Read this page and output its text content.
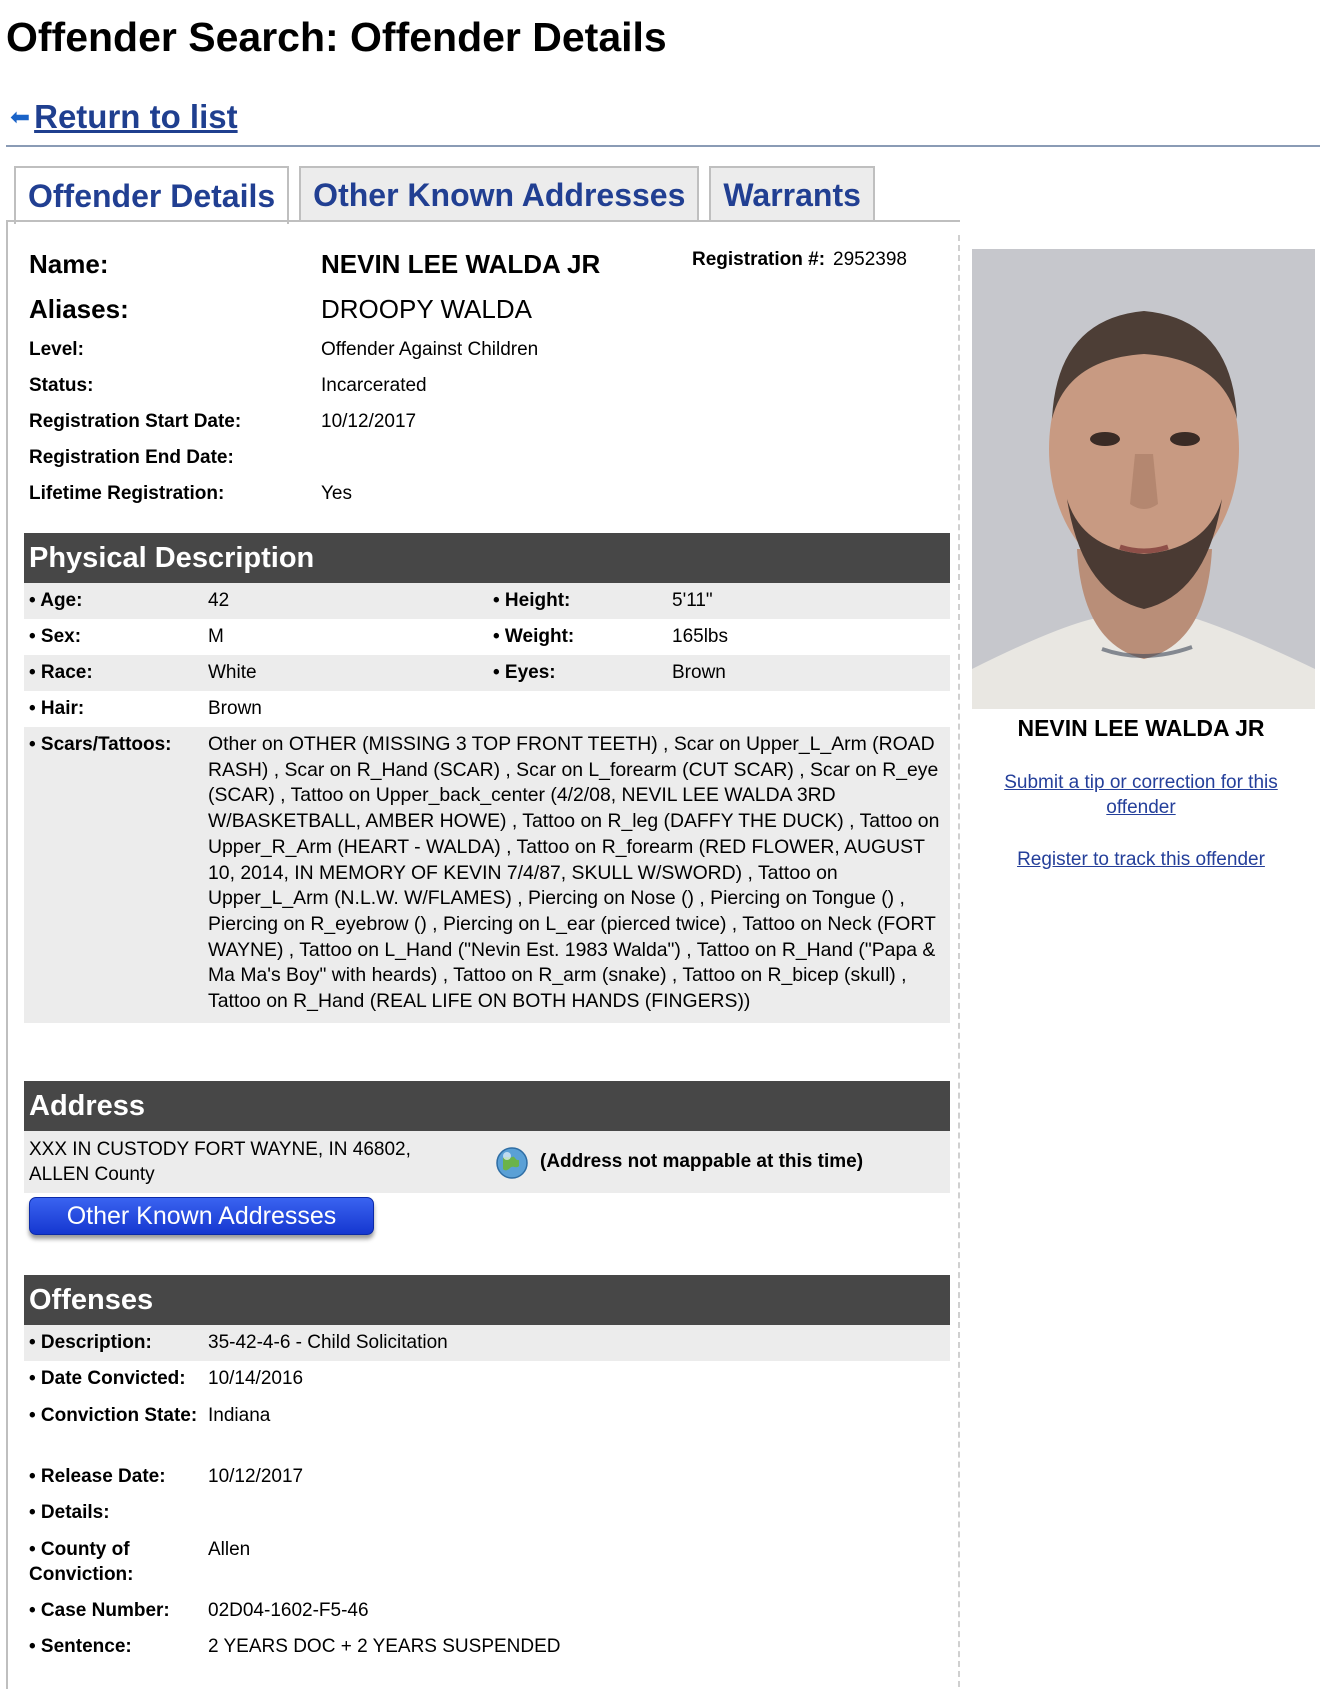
Offender Search: Offender Details
⬅ Return to list
Offender Details	Other Known Addresses	Warrants
Name:	NEVIN LEE WALDA JR
Aliases:	DROOPY WALDA
Level:	Offender Against Children
Status:	Incarcerated
Registration Start Date:	10/12/2017
Registration End Date:
Lifetime Registration:	Yes
Registration #: 2952398
Physical Description
• Age:	42	• Height:	5'11"
• Sex:	M	• Weight:	165lbs
• Race:	White	• Eyes:	Brown
• Hair:	Brown
• Scars/Tattoos:	Other on OTHER (MISSING 3 TOP FRONT TEETH) , Scar on Upper_L_Arm (ROAD RASH) , Scar on R_Hand (SCAR) , Scar on L_forearm (CUT SCAR) , Scar on R_eye (SCAR) , Tattoo on Upper_back_center (4/2/08, NEVIL LEE WALDA 3RD W/BASKETBALL, AMBER HOWE) , Tattoo on R_leg (DAFFY THE DUCK) , Tattoo on Upper_R_Arm (HEART - WALDA) , Tattoo on R_forearm (RED FLOWER, AUGUST 10, 2014, IN MEMORY OF KEVIN 7/4/87, SKULL W/SWORD) , Tattoo on Upper_L_Arm (N.L.W. W/FLAMES) , Piercing on Nose () , Piercing on Tongue () , Piercing on R_eyebrow () , Piercing on L_ear (pierced twice) , Tattoo on Neck (FORT WAYNE) , Tattoo on L_Hand ("Nevin Est. 1983 Walda") , Tattoo on R_Hand ("Papa & Ma Ma's Boy" with heards) , Tattoo on R_arm (snake) , Tattoo on R_bicep (skull) , Tattoo on R_Hand (REAL LIFE ON BOTH HANDS (FINGERS))
Address
XXX IN CUSTODY FORT WAYNE, IN 46802,
ALLEN County
(Address not mappable at this time)
Other Known Addresses
Offenses
• Description:	35-42-4-6 - Child Solicitation
• Date Convicted:	10/14/2016
• Conviction State: Indiana
• Release Date:	10/12/2017
• Details:
• County of Conviction:
Allen
• Case Number:	02D04-1602-F5-46
• Sentence:	2 YEARS DOC + 2 YEARS SUSPENDED
NEVIN LEE WALDA JR
Submit a tip or correction for this offender
Register to track this offender
